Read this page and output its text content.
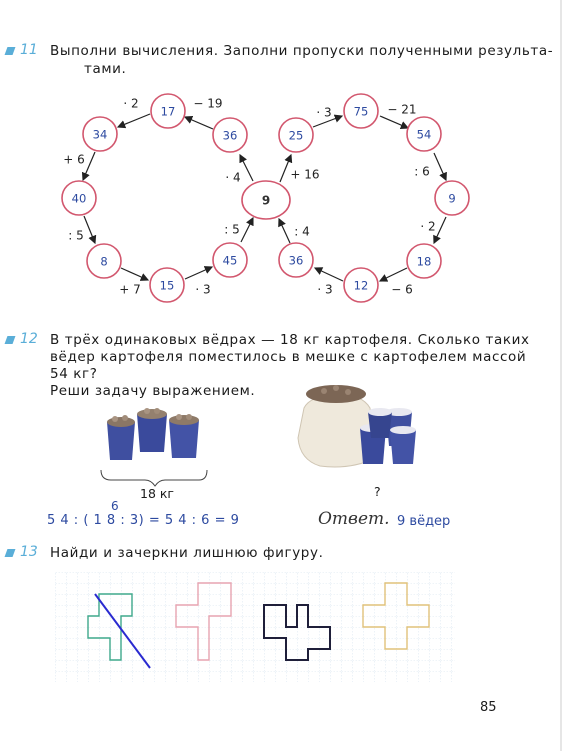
11 Выполни вычисления. Заполни пропуски полученными результа-
тами.
17
36
34
40
8
15
45
9
75
25	54
9
18
12
36
· 2	− 19
+ 6
: 5
+ 7	· 3
: 5
· 4
· 3	− 21
: 6
· 2
− 6
· 3
: 4
+ 16
12 В трёх одинаковых вёдрах — 18 кг картофеля. Сколько таких
вёдер картофеля поместилось в мешке с картофелем массой
54 кг?
Реши задачу выражением.
18 кг	?
6
5 4 : ( 1 8 : 3) = 5 4 : 6 = 9	Ответ. 9 вёдер
13 Найди и зачеркни лишнюю фигуру.
85
